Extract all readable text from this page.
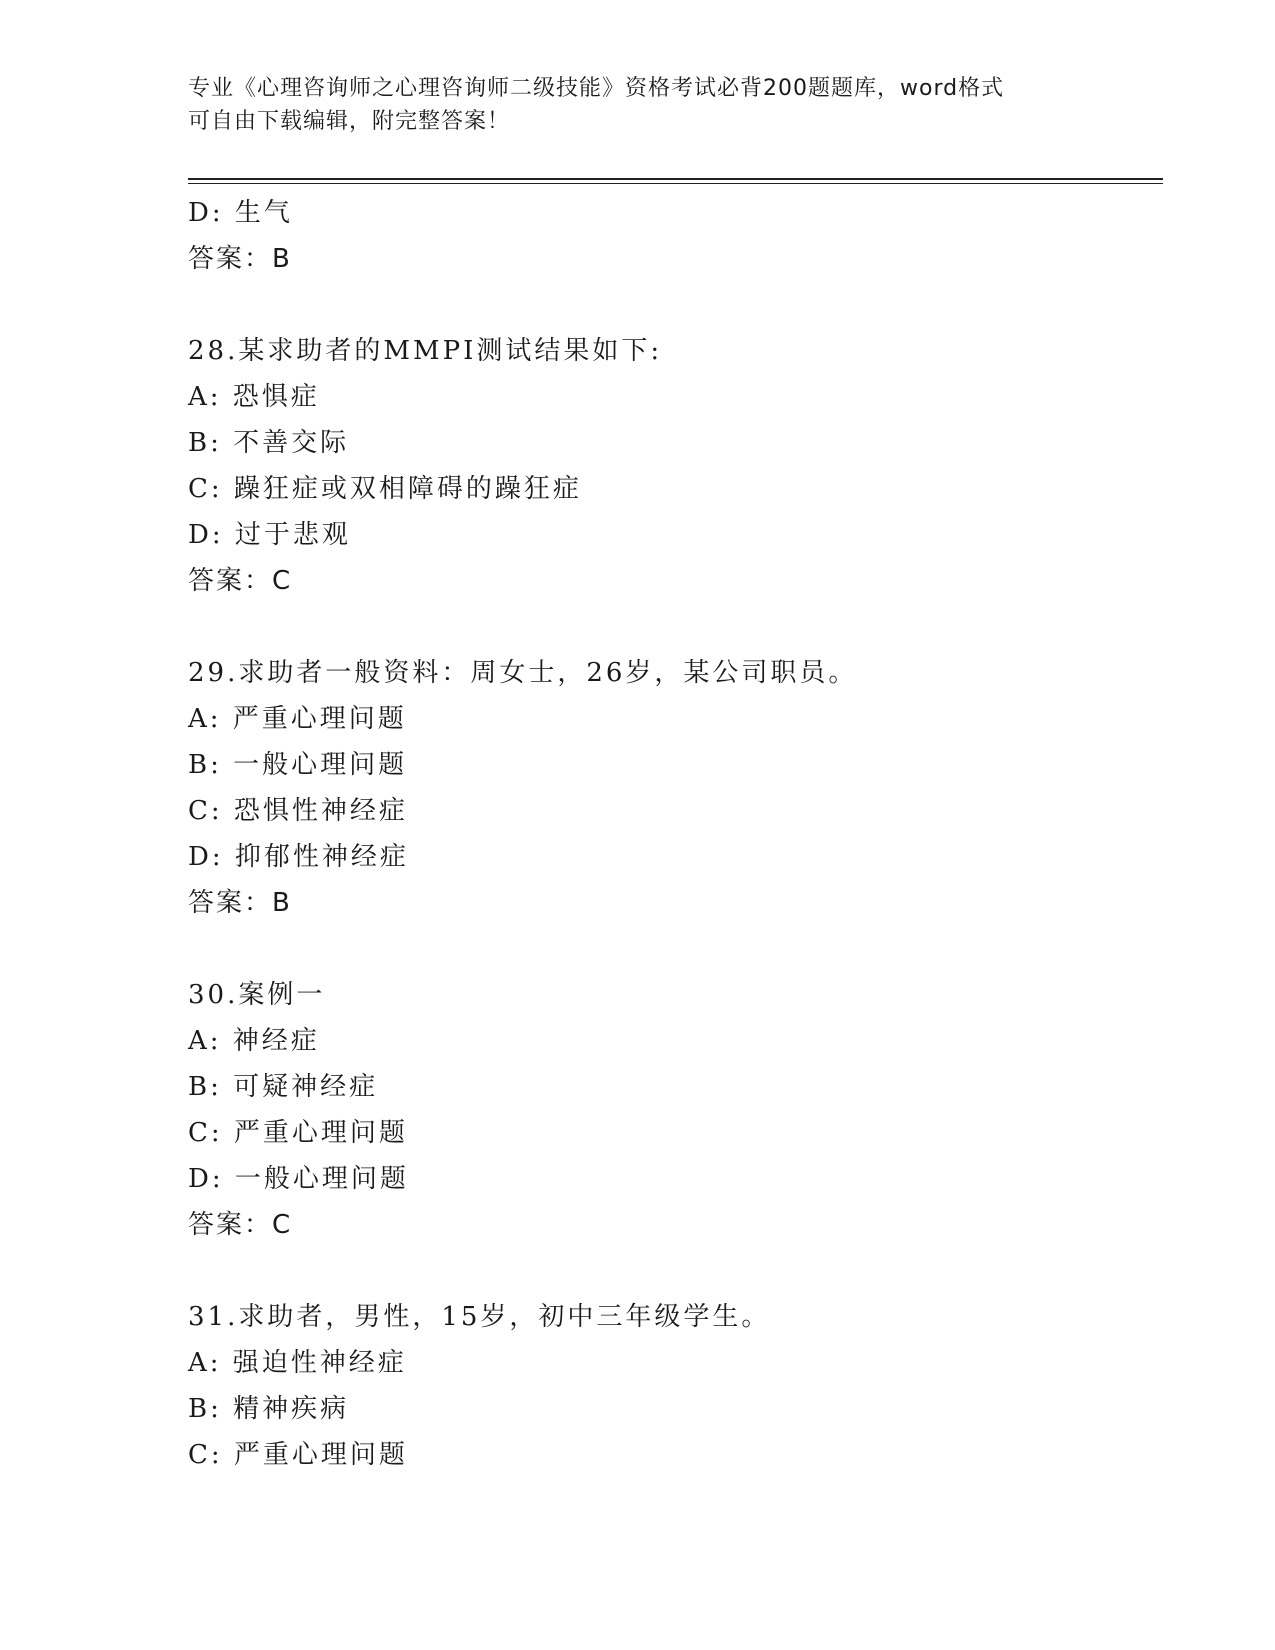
专业《心理咨询师之心理咨询师二级技能》资格考试必背200题题库，word格式
可自由下载编辑，附完整答案！
D: 生气
答案：B
28.某求助者的MMPI测试结果如下:
A: 恐惧症
B: 不善交际
C: 躁狂症或双相障碍的躁狂症
D: 过于悲观
答案：C
29.求助者一般资料：周女士，26岁，某公司职员。
A: 严重心理问题
B: 一般心理问题
C: 恐惧性神经症
D: 抑郁性神经症
答案：B
30.案例一
A: 神经症
B: 可疑神经症
C: 严重心理问题
D: 一般心理问题
答案：C
31.求助者，男性，15岁，初中三年级学生。
A: 强迫性神经症
B: 精神疾病
C: 严重心理问题
